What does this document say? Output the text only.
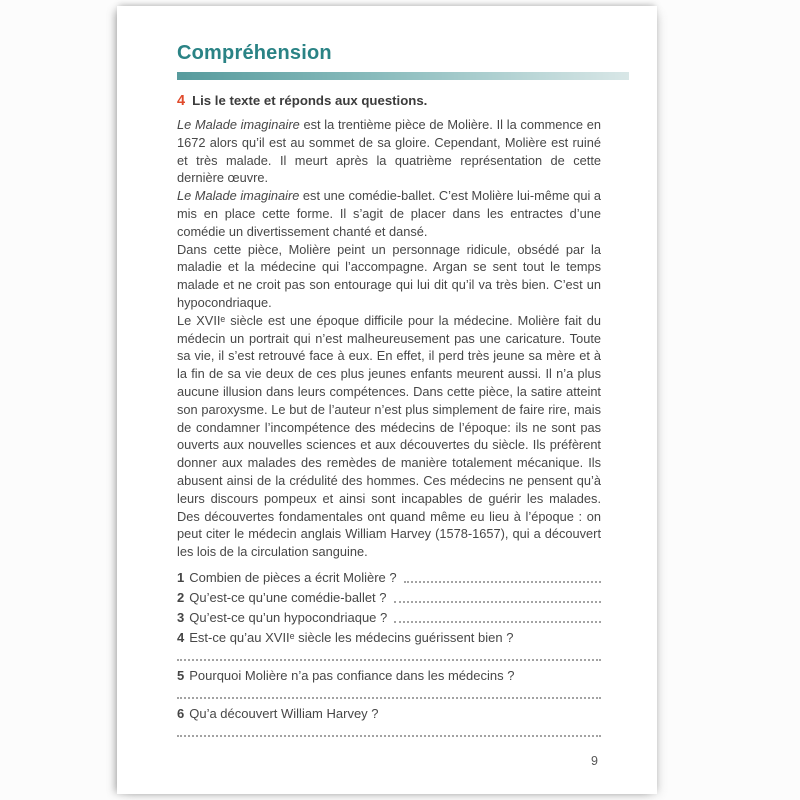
Compréhension
4 Lis le texte et réponds aux questions.

Le Malade imaginaire est la trentième pièce de Molière. Il la commence en 1672 alors qu’il est au sommet de sa gloire. Cependant, Molière est ruiné et très malade. Il meurt après la quatrième représentation de cette dernière œuvre.

Le Malade imaginaire est une comédie-ballet. C’est Molière lui-même qui a mis en place cette forme. Il s’agit de placer dans les entractes d’une comédie un divertissement chanté et dansé.

Dans cette pièce, Molière peint un personnage ridicule, obsédé par la maladie et la médecine qui l’accompagne. Argan se sent tout le temps malade et ne croit pas son entourage qui lui dit qu’il va très bien. C’est un hypocondriaque.

Le XVIIᵉ siècle est une époque difficile pour la médecine. Molière fait du médecin un portrait qui n’est malheureusement pas une caricature. Toute sa vie, il s’est retrouvé face à eux. En effet, il perd très jeune sa mère et à la fin de sa vie deux de ces plus jeunes enfants meurent aussi. Il n’a plus aucune illusion dans leurs compétences. Dans cette pièce, la satire atteint son paroxysme. Le but de l’auteur n’est plus simplement de faire rire, mais de condamner l’incompétence des médecins de l’époque: ils ne sont pas ouverts aux nouvelles sciences et aux découvertes du siècle. Ils préfèrent donner aux malades des remèdes de manière totalement mécanique. Ils abusent ainsi de la crédulité des hommes. Ces médecins ne pensent qu’à leurs discours pompeux et ainsi sont incapables de guérir les malades. Des découvertes fondamentales ont quand même eu lieu à l’époque : on peut citer le médecin anglais William Harvey (1578-1657), qui a découvert les lois de la circulation sanguine.

1 Combien de pièces a écrit Molière ?
2 Qu’est-ce qu’une comédie-ballet ?
3 Qu’est-ce qu’un hypocondriaque ?
4 Est-ce qu’au XVIIᵉ siècle les médecins guérissent bien ?
5 Pourquoi Molière n’a pas confiance dans les médecins ?
6 Qu’a découvert William Harvey ?
9
